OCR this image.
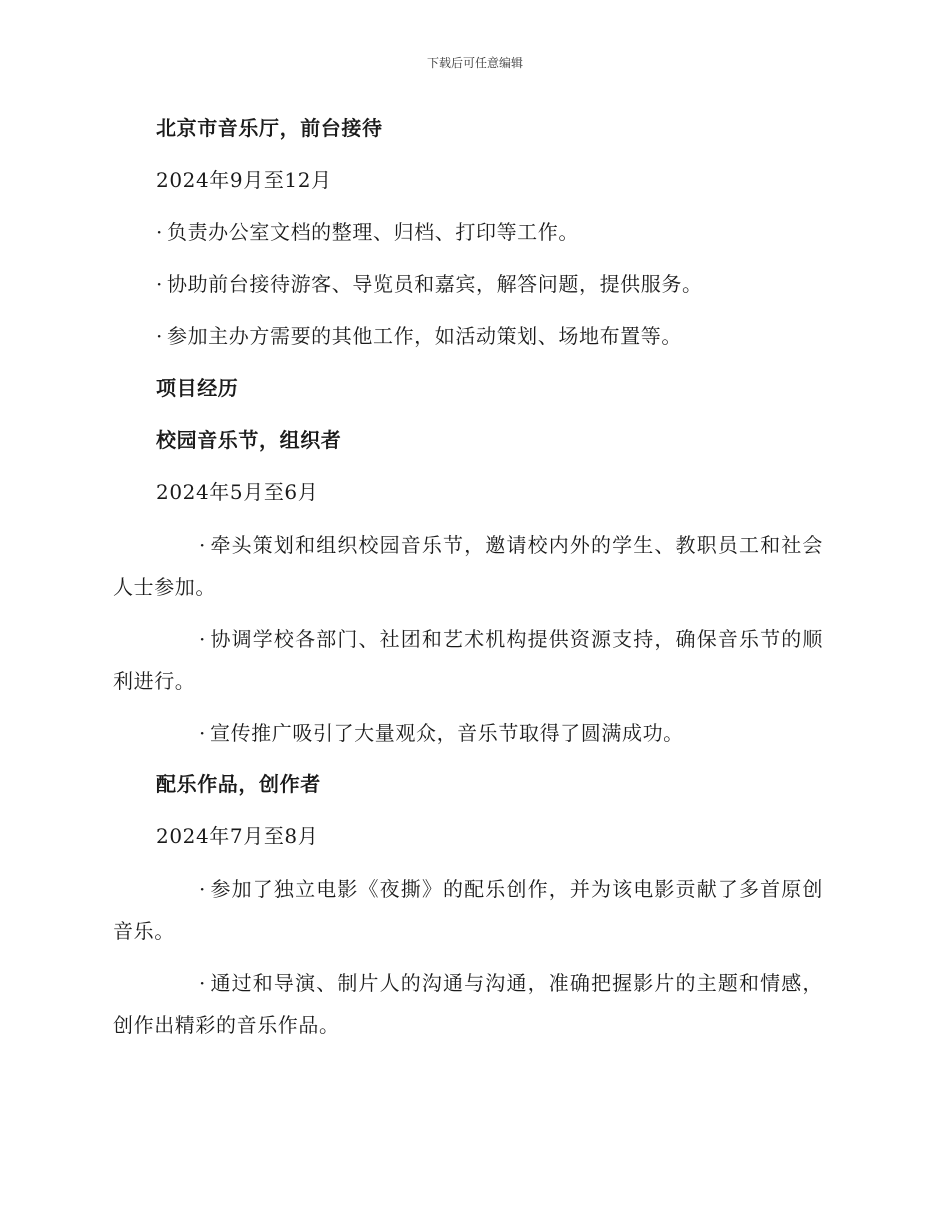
下载后可任意编辑
北京市音乐厅，前台接待
2024年9月至12月
· 负责办公室文档的整理、归档、打印等工作。
· 协助前台接待游客、导览员和嘉宾，解答问题，提供服务。
· 参加主办方需要的其他工作，如活动策划、场地布置等。
项目经历
校园音乐节，组织者
2024年5月至6月
· 牵头策划和组织校园音乐节，邀请校内外的学生、教职员工和社会人士参加。
· 协调学校各部门、社团和艺术机构提供资源支持，确保音乐节的顺利进行。
· 宣传推广吸引了大量观众，音乐节取得了圆满成功。
配乐作品，创作者
2024年7月至8月
· 参加了独立电影《夜撕》的配乐创作，并为该电影贡献了多首原创音乐。
· 通过和导演、制片人的沟通与沟通，准确把握影片的主题和情感，创作出精彩的音乐作品。
